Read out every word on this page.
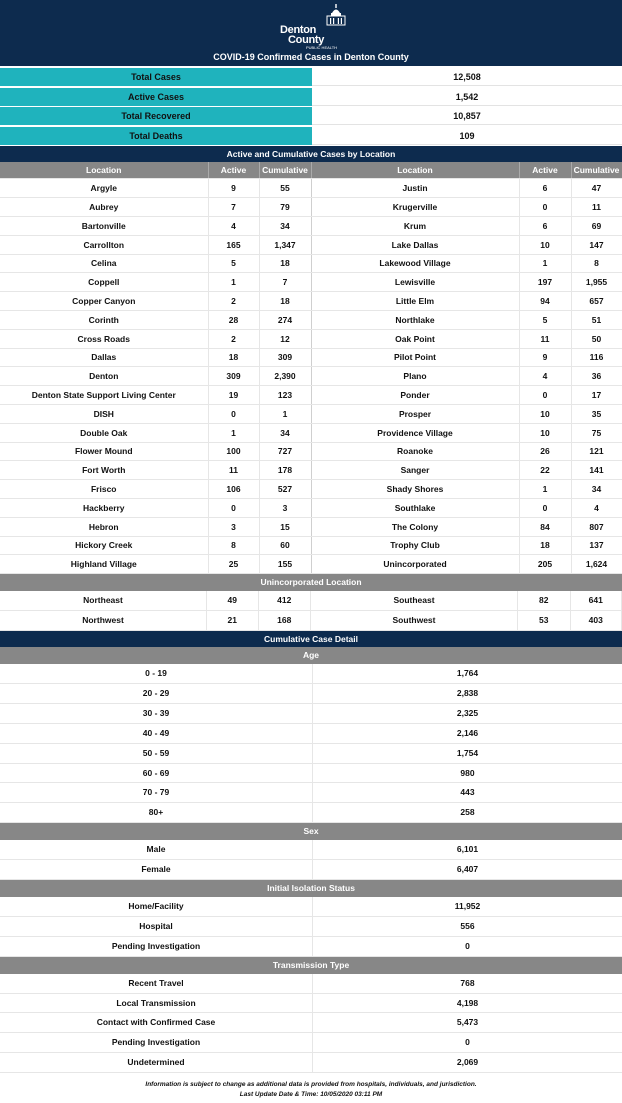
Denton
County
PUBLIC HEALTH
COVID-19 Confirmed Cases in Denton County
Total Cases	12,508
Active Cases	1,542
Total Recovered	10,857
Total Deaths	109
Active and Cumulative Cases by Location
Location	Active	Cumulative	Location	Active	Cumulative
Argyle	9	55	Justin	6	47
Aubrey	7	79	Krugerville	0	11
Bartonville	4	34	Krum	6	69
Carrollton	165	1,347	Lake Dallas	10	147
Celina	5	18	Lakewood Village	1	8
Coppell	1	7	Lewisville	197	1,955
Copper Canyon	2	18	Little Elm	94	657
Corinth	28	274	Northlake	5	51
Cross Roads	2	12	Oak Point	11	50
Dallas	18	309	Pilot Point	9	116
Denton	309	2,390	Plano	4	36
Denton State Support Living Center	19	123	Ponder	0	17
DISH	0	1	Prosper	10	35
Double Oak	1	34	Providence Village	10	75
Flower Mound	100	727	Roanoke	26	121
Fort Worth	11	178	Sanger	22	141
Frisco	106	527	Shady Shores	1	34
Hackberry	0	3	Southlake	0	4
Hebron	3	15	The Colony	84	807
Hickory Creek	8	60	Trophy Club	18	137
Highland Village	25	155	Unincorporated	205	1,624
Unincorporated Location
Northeast	49	412	Southeast	82	641
Northwest	21	168	Southwest	53	403
Cumulative Case Detail
Age
0 - 19	1,764
20 - 29	2,838
30 - 39	2,325
40 - 49	2,146
50 - 59	1,754
60 - 69	980
70 - 79	443
80+	258
Sex
Male	6,101
Female	6,407
Initial Isolation Status
Home/Facility	11,952
Hospital	556
Pending Investigation	0
Transmission Type
Recent Travel	768
Local Transmission	4,198
Contact with Confirmed Case	5,473
Pending Investigation	0
Undetermined	2,069
Information is subject to change as additional data is provided from hospitals, individuals, and jurisdiction.
Last Update Date & Time: 10/05/2020 03:11 PM
